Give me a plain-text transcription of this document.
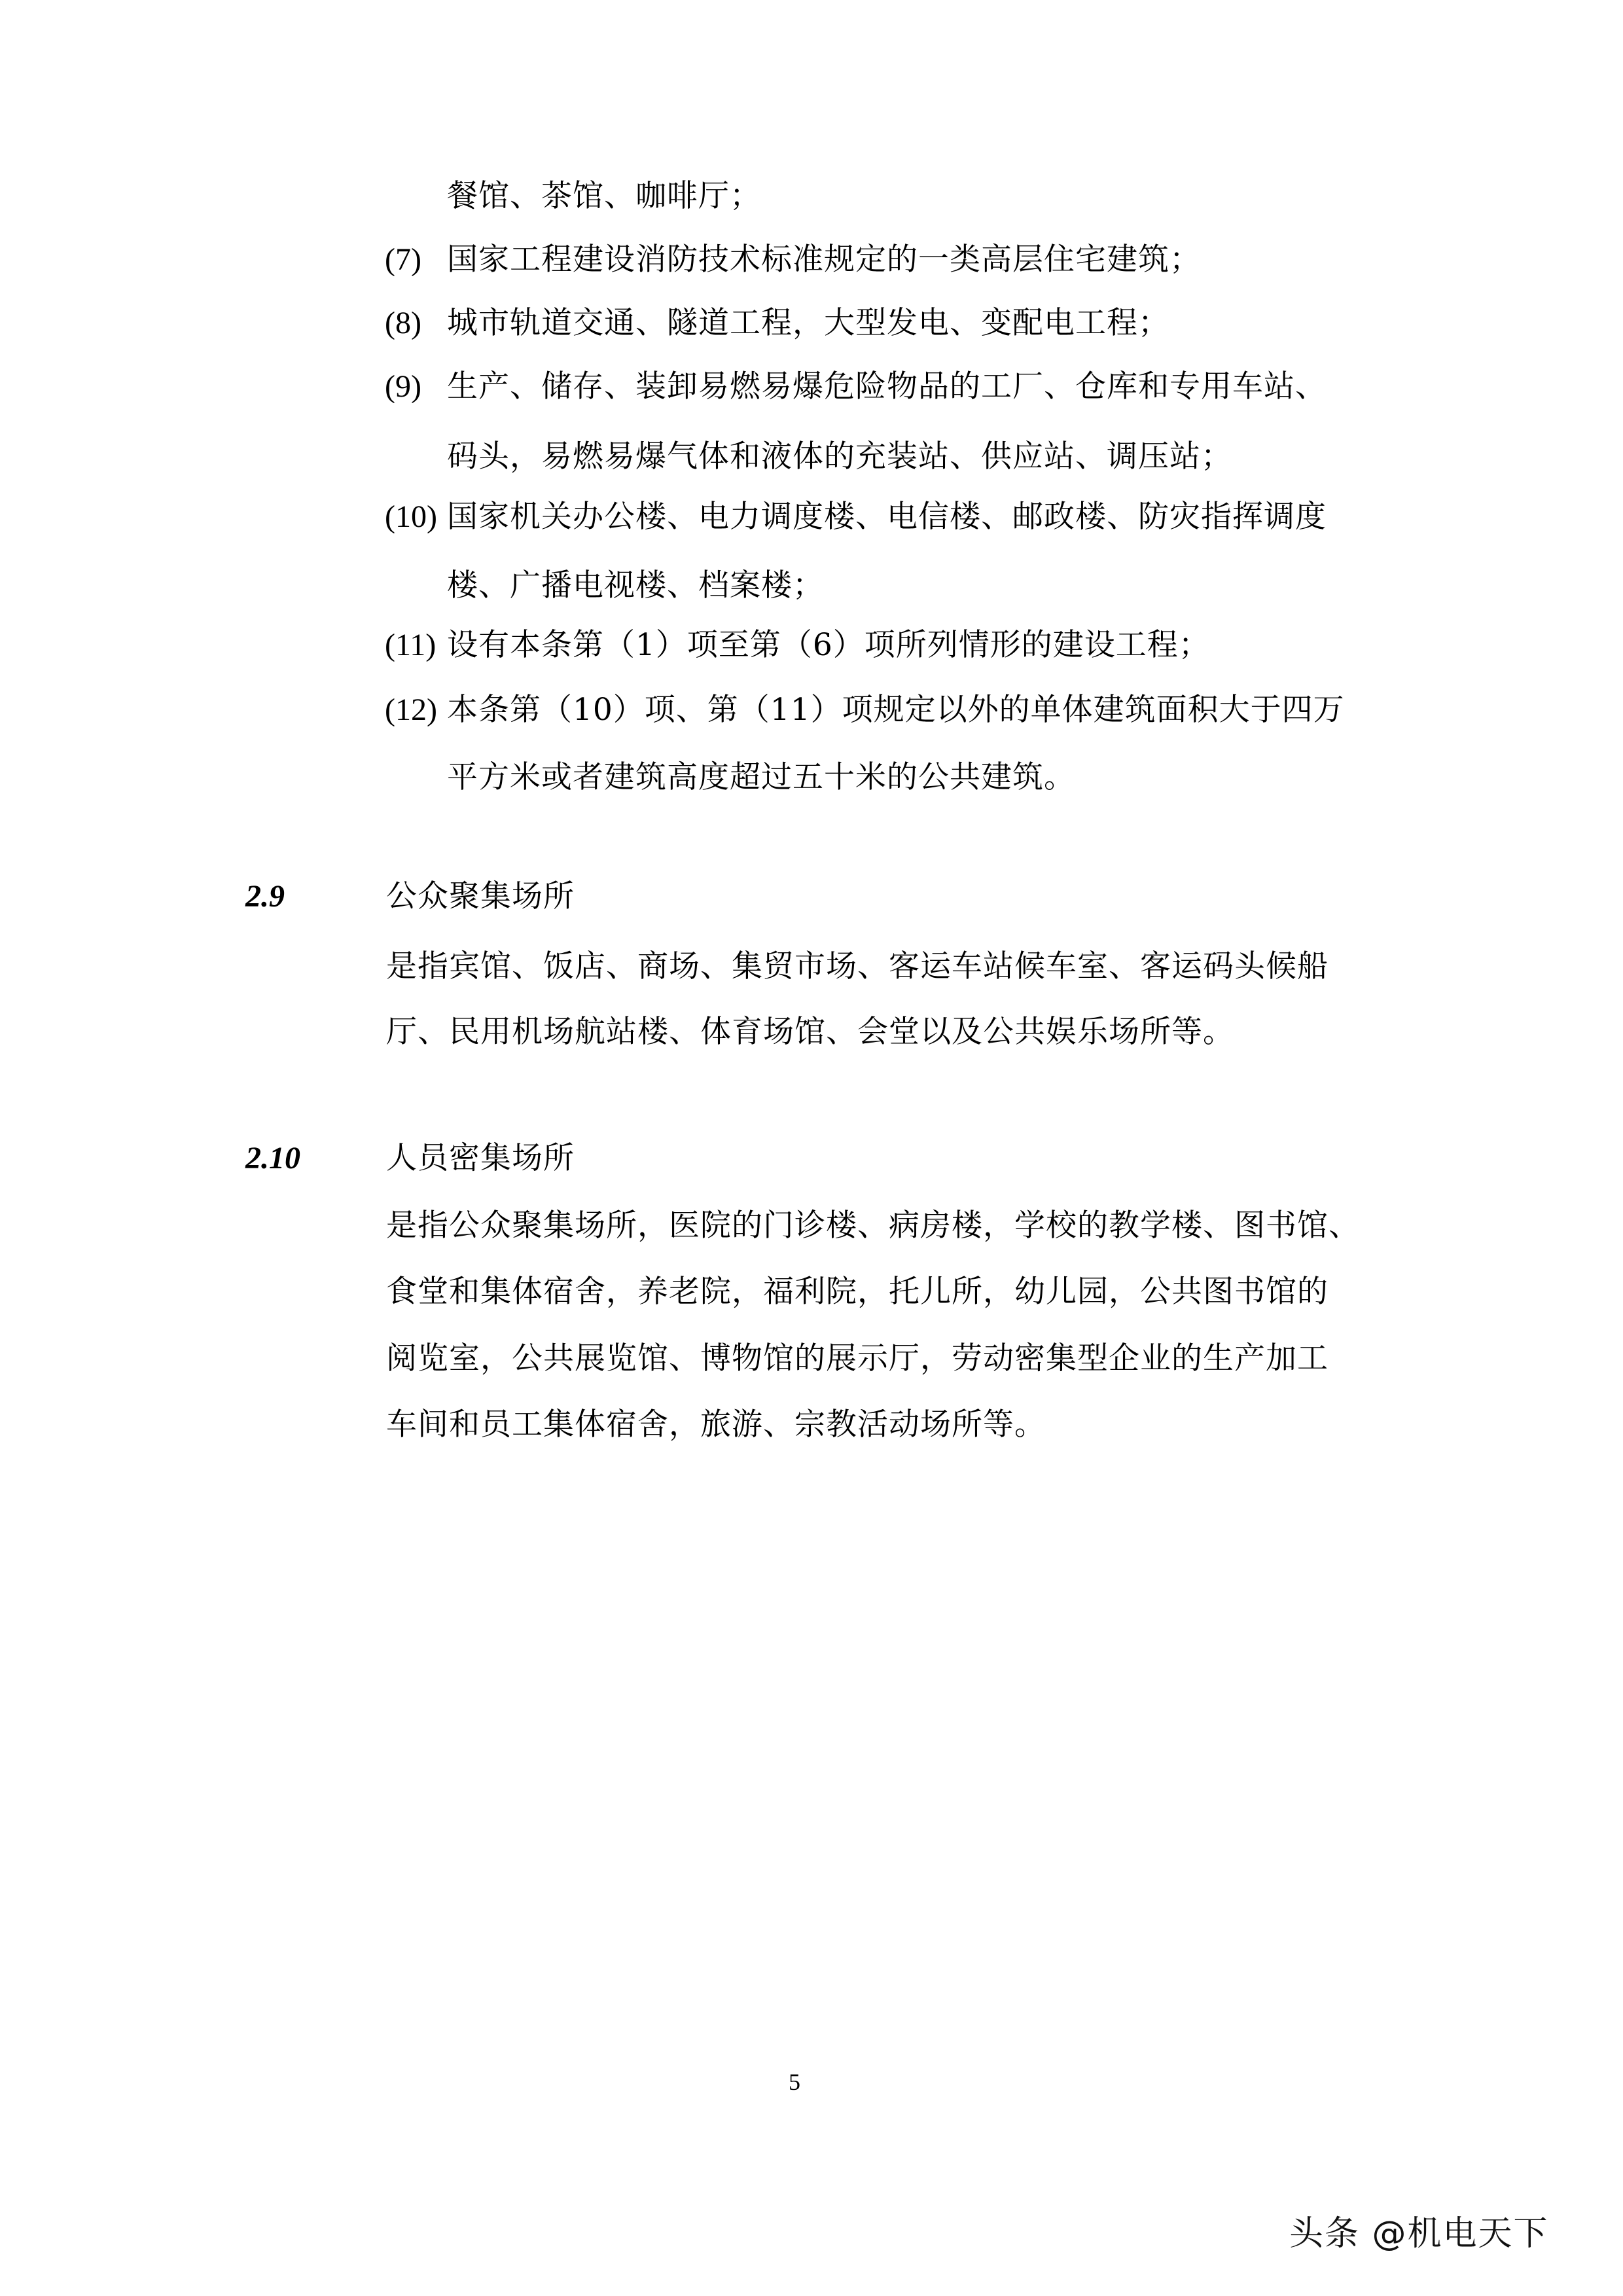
餐馆、茶馆、咖啡厅；
(7) 国家工程建设消防技术标准规定的一类高层住宅建筑；
(8) 城市轨道交通、隧道工程，大型发电、变配电工程；
(9) 生产、储存、装卸易燃易爆危险物品的工厂、仓库和专用车站、
码头，易燃易爆气体和液体的充装站、供应站、调压站；
(10) 国家机关办公楼、电力调度楼、电信楼、邮政楼、防灾指挥调度
楼、广播电视楼、档案楼；
(11) 设有本条第（1）项至第（6）项所列情形的建设工程；
(12) 本条第（10）项、第（11）项规定以外的单体建筑面积大于四万
平方米或者建筑高度超过五十米的公共建筑。
2.9	公众聚集场所
是指宾馆、饭店、商场、集贸市场、客运车站候车室、客运码头候船
厅、民用机场航站楼、体育场馆、会堂以及公共娱乐场所等。
2.10	人员密集场所
是指公众聚集场所，医院的门诊楼、病房楼，学校的教学楼、图书馆、
食堂和集体宿舍，养老院，福利院，托儿所，幼儿园，公共图书馆的
阅览室，公共展览馆、博物馆的展示厅，劳动密集型企业的生产加工
车间和员工集体宿舍，旅游、宗教活动场所等。
5
头条 @机电天下
